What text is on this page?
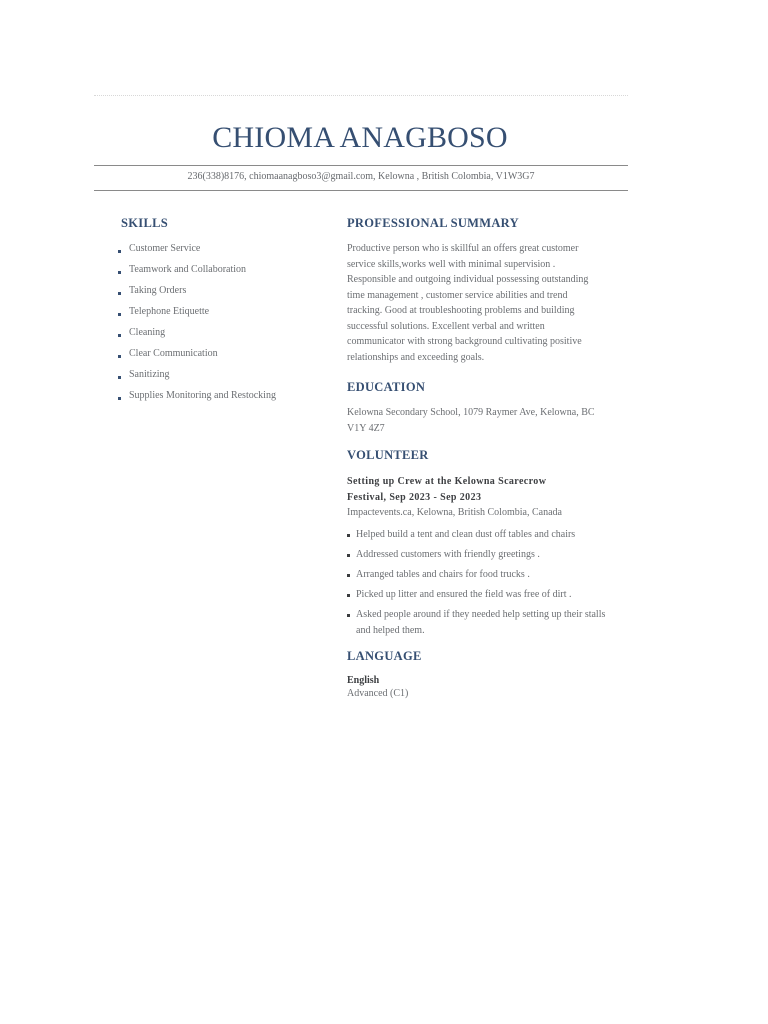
CHIOMA ANAGBOSO
236(338)8176, chiomaanagboso3@gmail.com, Kelowna , British Colombia, V1W3G7
SKILLS
Customer Service
Teamwork and Collaboration
Taking Orders
Telephone Etiquette
Cleaning
Clear Communication
Sanitizing
Supplies Monitoring and Restocking
PROFESSIONAL SUMMARY

Productive person who is skillful an offers great customer service skills,works well with minimal supervision . Responsible and outgoing individual possessing outstanding time management , customer service abilities and trend tracking. Good at troubleshooting problems and building successful solutions. Excellent verbal and written communicator with strong background cultivating positive relationships and exceeding goals.

EDUCATION

Kelowna Secondary School, 1079 Raymer Ave, Kelowna, BC V1Y 4Z7

VOLUNTEER

Setting up Crew at the Kelowna Scarecrow Festival, Sep 2023 - Sep 2023

Impactevents.ca, Kelowna, British Colombia, Canada

Helped build a tent and clean dust off tables and chairs
Addressed customers with friendly greetings .
Arranged tables and chairs for food trucks .
Picked up litter and ensured the field was free of dirt .
Asked people around if they needed help setting up their stalls and helped them.
LANGUAGE

English

Advanced (C1)
